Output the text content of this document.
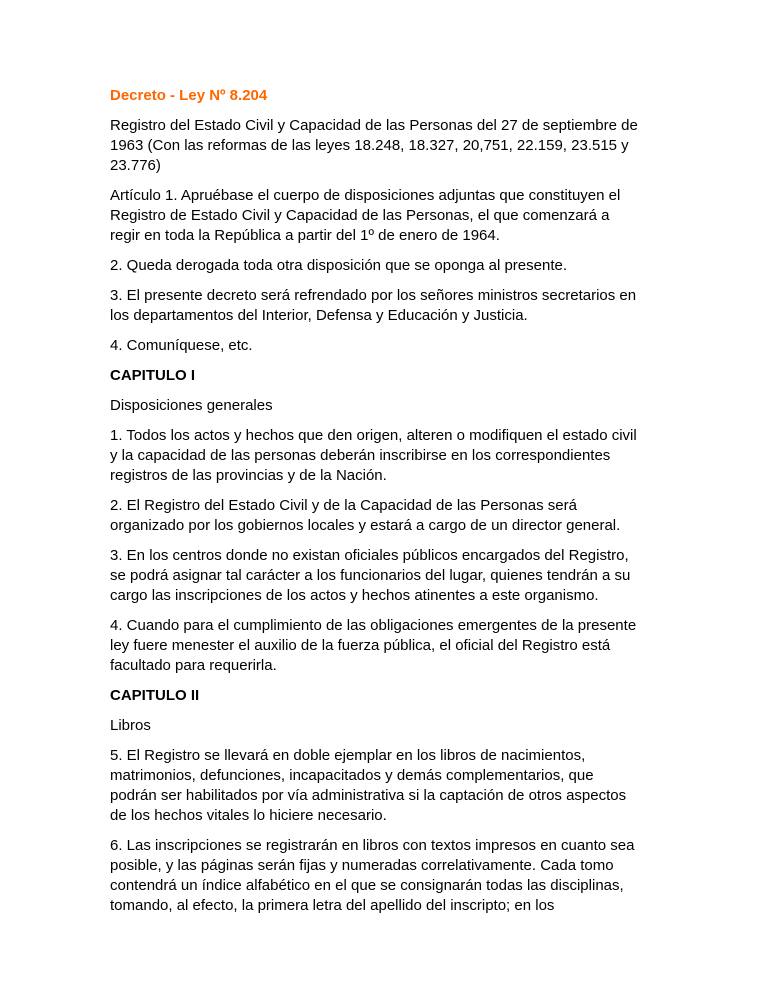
Decreto - Ley Nº 8.204

Registro del Estado Civil y Capacidad de las Personas del 27 de septiembre de
1963 (Con las reformas de las leyes 18.248, 18.327, 20,751, 22.159, 23.515 y
23.776)

Artículo 1. Apruébase el cuerpo de disposiciones adjuntas que constituyen el
Registro de Estado Civil y Capacidad de las Personas, el que comenzará a
regir en toda la República a partir del 1º de enero de 1964.

2. Queda derogada toda otra disposición que se oponga al presente.

3. El presente decreto será refrendado por los señores ministros secretarios en
los departamentos del Interior, Defensa y Educación y Justicia.

4. Comuníquese, etc.

CAPITULO I

Disposiciones generales

1. Todos los actos y hechos que den origen, alteren o modifiquen el estado civil
y la capacidad de las personas deberán inscribirse en los correspondientes
registros de las provincias y de la Nación.

2. El Registro del Estado Civil y de la Capacidad de las Personas será
organizado por los gobiernos locales y estará a cargo de un director general.

3. En los centros donde no existan oficiales públicos encargados del Registro,
se podrá asignar tal carácter a los funcionarios del lugar, quienes tendrán a su
cargo las inscripciones de los actos y hechos atinentes a este organismo.

4. Cuando para el cumplimiento de las obligaciones emergentes de la presente
ley fuere menester el auxilio de la fuerza pública, el oficial del Registro está
facultado para requerirla.

CAPITULO II

Libros

5. El Registro se llevará en doble ejemplar en los libros de nacimientos,
matrimonios, defunciones, incapacitados y demás complementarios, que
podrán ser habilitados por vía administrativa si la captación de otros aspectos
de los hechos vitales lo hiciere necesario.

6. Las inscripciones se registrarán en libros con textos impresos en cuanto sea
posible, y las páginas serán fijas y numeradas correlativamente. Cada tomo
contendrá un índice alfabético en el que se consignarán todas las disciplinas,
tomando, al efecto, la primera letra del apellido del inscripto; en los
